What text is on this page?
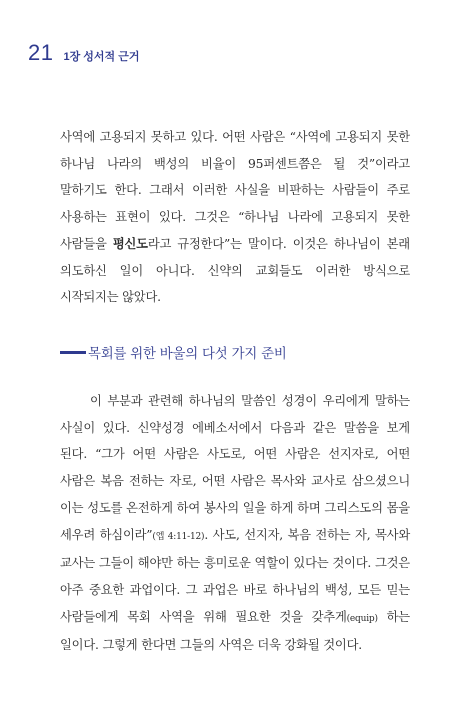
21 1장 성서적 근거

사역에 고용되지 못하고 있다. 어떤 사람은 “사역에 고용되지 못한 하나님 나라의 백성의 비율이 95퍼센트쯤은 될 것”이라고 말하기도 한다. 그래서 이러한 사실을 비판하는 사람들이 주로 사용하는 표현이 있다. 그것은 “하나님 나라에 고용되지 못한 사람들을 평신도라고 규정한다”는 말이다. 이것은 하나님이 본래 의도하신 일이 아니다. 신약의 교회들도 이러한 방식으로 시작되지는 않았다.

목회를 위한 바울의 다섯 가지 준비

이 부분과 관련해 하나님의 말씀인 성경이 우리에게 말하는 사실이 있다. 신약성경 에베소서에서 다음과 같은 말씀을 보게 된다. “그가 어떤 사람은 사도로, 어떤 사람은 선지자로, 어떤 사람은 복음 전하는 자로, 어떤 사람은 목사와 교사로 삼으셨으니 이는 성도를 온전하게 하여 봉사의 일을 하게 하며 그리스도의 몸을 세우려 하심이라”(엡 4:11-12). 사도, 선지자, 복음 전하는 자, 목사와 교사는 그들이 해야만 하는 흥미로운 역할이 있다는 것이다. 그것은 아주 중요한 과업이다. 그 과업은 바로 하나님의 백성, 모든 믿는 사람들에게 목회 사역을 위해 필요한 것을 갖추게(equip) 하는 일이다. 그렇게 한다면 그들의 사역은 더욱 강화될 것이다.
